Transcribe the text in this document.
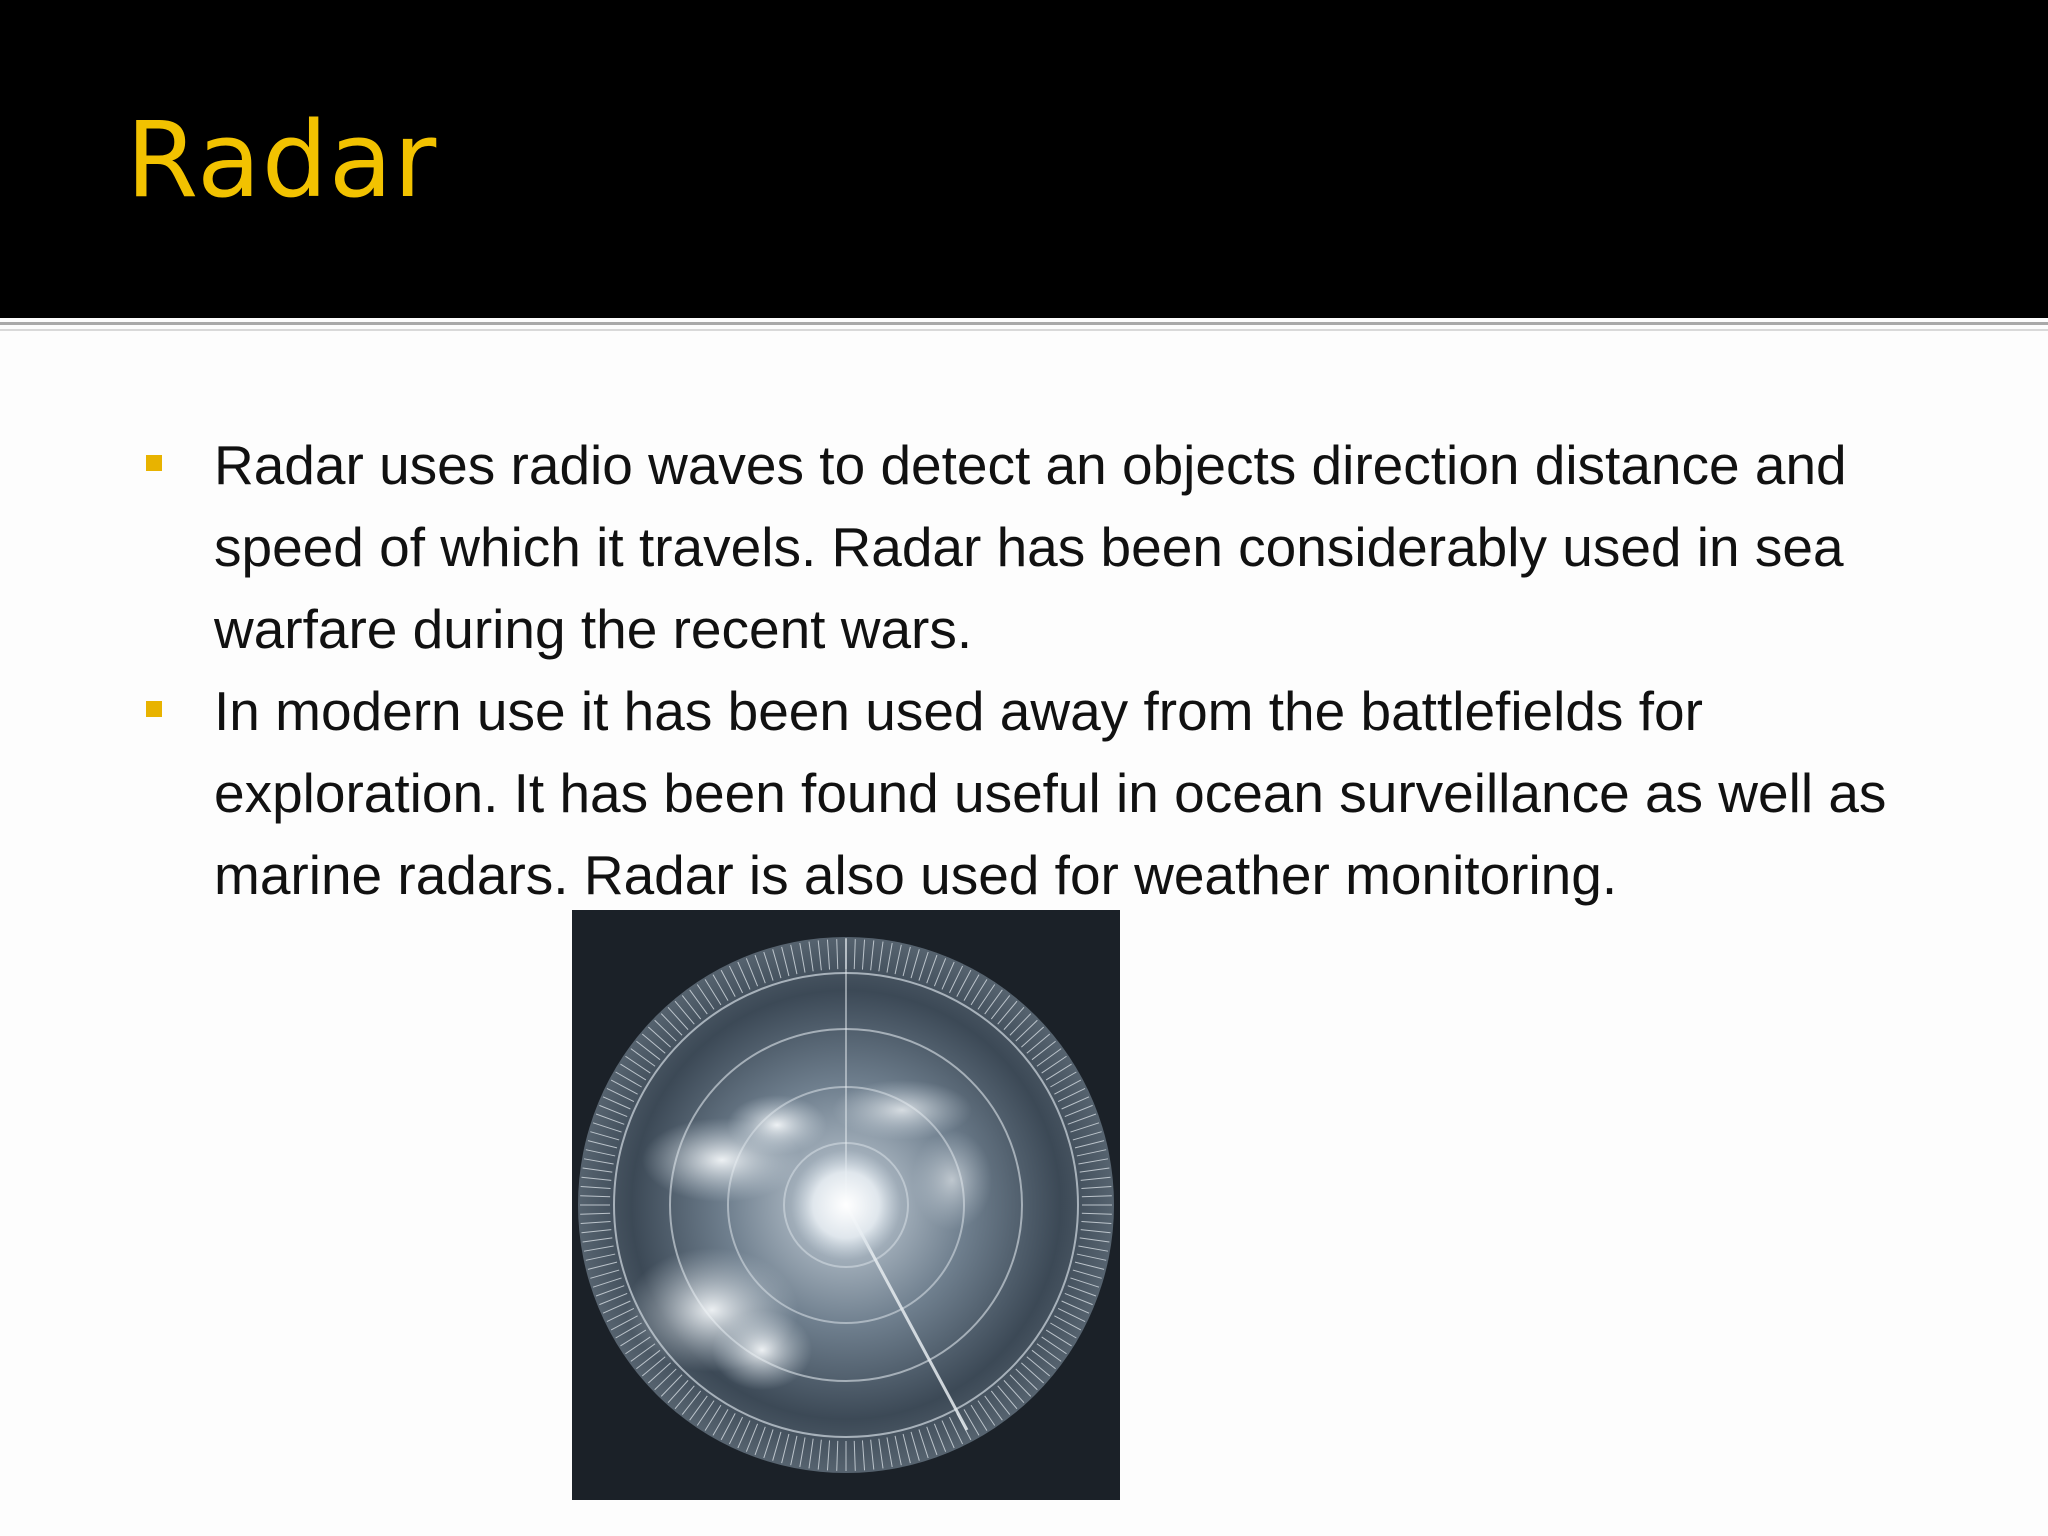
Radar
Radar uses radio waves to detect an objects direction distance and speed of which it travels. Radar has been considerably used in sea warfare during the recent wars.
In modern use it has been used away from the battlefields for exploration. It has been found useful in ocean surveillance as well as marine radars. Radar is also used for weather monitoring.
